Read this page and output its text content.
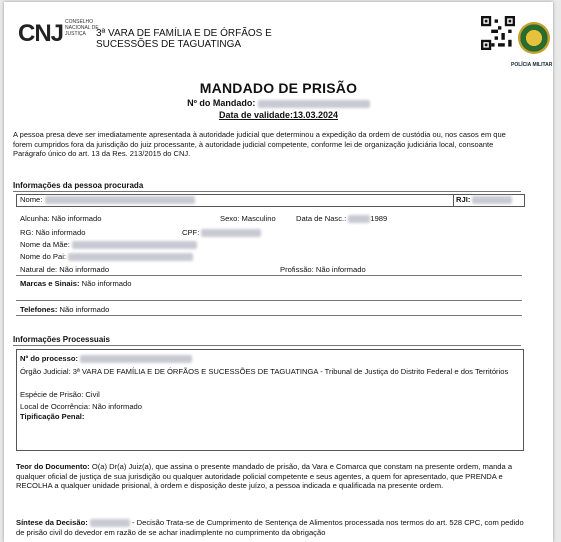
CNJ CONSELHO NACIONAL DE JUSTIÇA	3ª VARA DE FAMÍLIA E DE ÓRFÃOS E
SUCESSÕES DE TAGUATINGA
POLÍCIA MILITAR
MANDADO DE PRISÃO
Nº do Mandado:
Data de validade:13.03.2024
A pessoa presa deve ser imediatamente apresentada à autoridade judicial que determinou a expedição da ordem de custódia ou, nos casos em que forem cumpridos fora da jurisdição do juiz processante, à autoridade judicial competente, conforme lei de organização judiciária local, consoante Parágrafo único do art. 13 da Res. 213/2015 do CNJ.
Informações da pessoa procurada
Nome:	RJI:
Alcunha: Não informado	Sexo: Masculino	Data de Nasc.:	1989
RG: Não informado	CPF:
Nome da Mãe:
Nome do Pai:
Natural de: Não informado	Profissão: Não informado
Marcas e Sinais: Não informado
Telefones: Não informado
Informações Processuais
Nº do processo:
Órgão Judicial: 3ª VARA DE FAMÍLIA E DE ÓRFÃOS E SUCESSÕES DE TAGUATINGA - Tribunal de Justiça do Distrito Federal e dos Territórios
Espécie de Prisão: Civil
Local de Ocorrência: Não informado
Tipificação Penal:
Teor do Documento: O(a) Dr(a) Juiz(a), que assina o presente mandado de prisão, da Vara e Comarca que constam na presente ordem, manda a qualquer oficial de justiça de sua jurisdição ou qualquer autoridade policial competente e seus agentes, a quem for apresentado, que PRENDA e RECOLHA a qualquer unidade prisional, à ordem e disposição deste juízo, a pessoa indicada e qualificada na presente ordem.
Síntese da Decisão:	- Decisão Trata-se de Cumprimento de Sentença de Alimentos processada nos termos do art. 528 CPC, com pedido de prisão civil do devedor em razão de se achar inadimplente no cumprimento da obrigação
